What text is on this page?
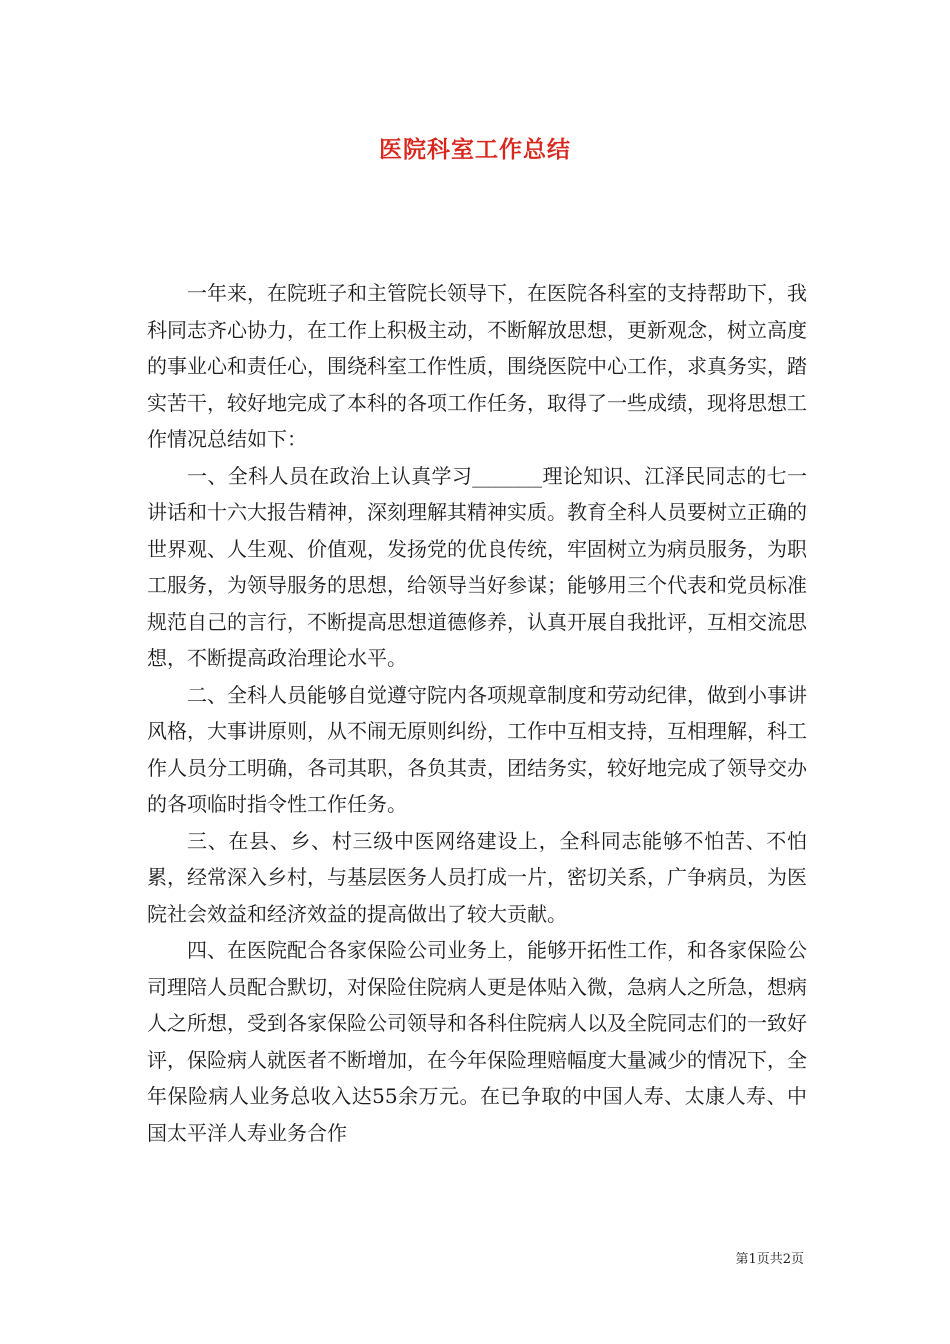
医院科室工作总结

一年来，在院班子和主管院长领导下，在医院各科室的支持帮助下，我科同志齐心协力，在工作上积极主动，不断解放思想，更新观念，树立高度的事业心和责任心，围绕科室工作性质，围绕医院中心工作，求真务实，踏实苦干，较好地完成了本科的各项工作任务，取得了一些成绩，现将思想工作情况总结如下：

一、全科人员在政治上认真学习_______理论知识、江泽民同志的七一讲话和十六大报告精神，深刻理解其精神实质。教育全科人员要树立正确的世界观、人生观、价值观，发扬党的优良传统，牢固树立为病员服务，为职工服务，为领导服务的思想，给领导当好参谋；能够用三个代表和党员标准规范自己的言行，不断提高思想道德修养，认真开展自我批评，互相交流思想，不断提高政治理论水平。

二、全科人员能够自觉遵守院内各项规章制度和劳动纪律，做到小事讲风格，大事讲原则，从不闹无原则纠纷，工作中互相支持，互相理解，科工作人员分工明确，各司其职，各负其责，团结务实，较好地完成了领导交办的各项临时指令性工作任务。

三、在县、乡、村三级中医网络建设上，全科同志能够不怕苦、不怕累，经常深入乡村，与基层医务人员打成一片，密切关系，广争病员，为医院社会效益和经济效益的提高做出了较大贡献。

四、在医院配合各家保险公司业务上，能够开拓性工作，和各家保险公司理陪人员配合默切，对保险住院病人更是体贴入微，急病人之所急，想病人之所想，受到各家保险公司领导和各科住院病人以及全院同志们的一致好评，保险病人就医者不断增加，在今年保险理赔幅度大量减少的情况下，全年保险病人业务总收入达55余万元。在已争取的中国人寿、太康人寿、中国太平洋人寿业务合作

第1页共2页
